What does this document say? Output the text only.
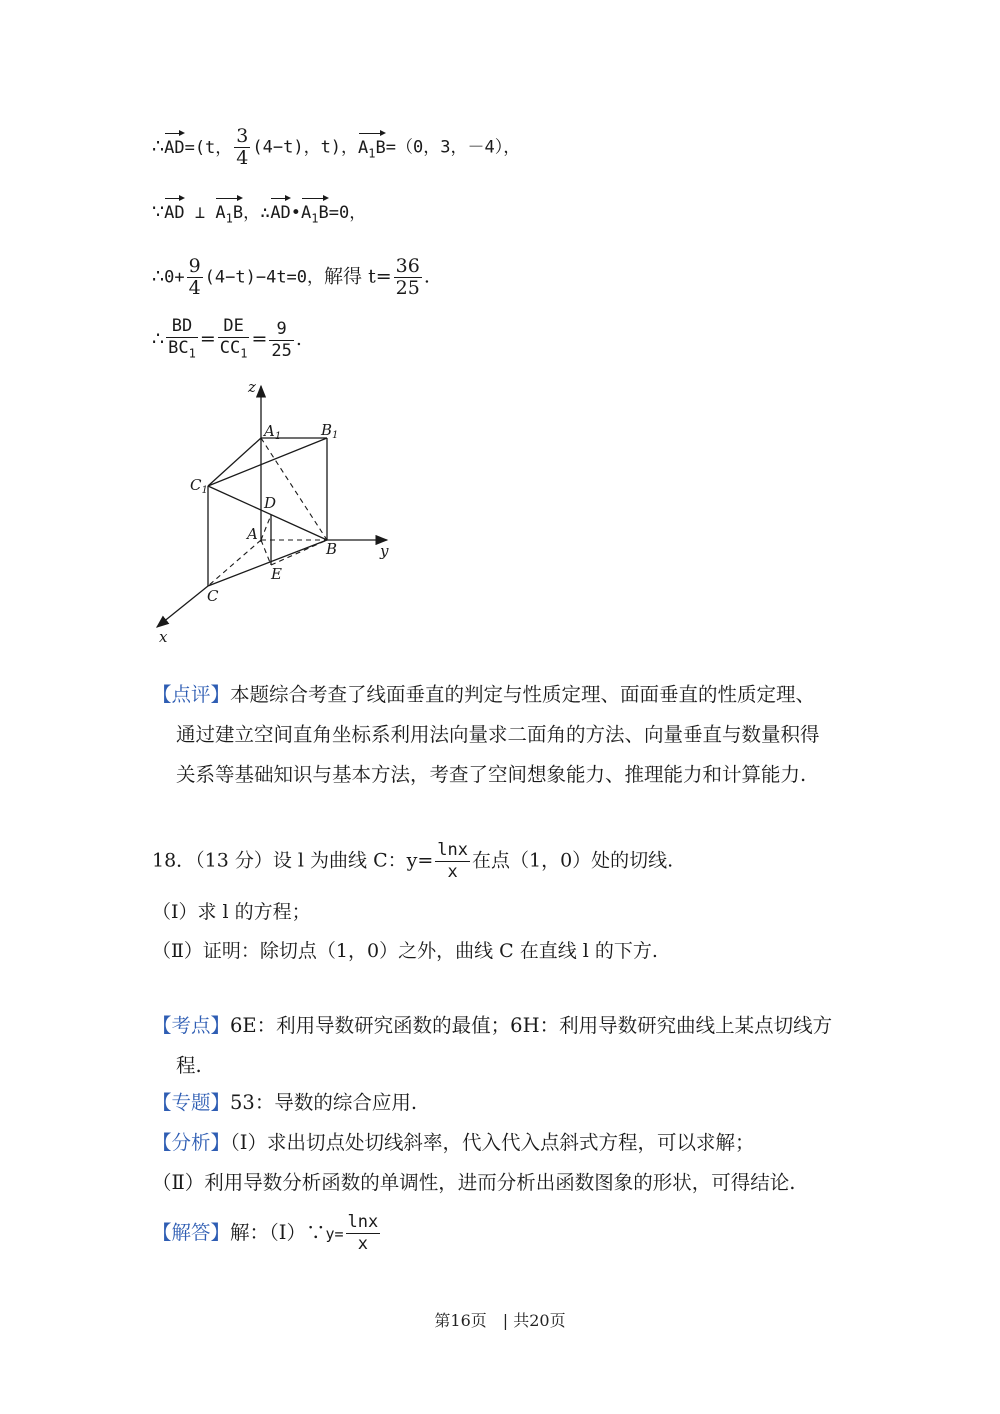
∴AD=(t， $\frac{3}{4} (4-t)$，t)，$A_1B=(0$，3，－4），
∵AD ⊥ $A_1B$，$\therefore AD•A_1B=0$，
∴0+ $\frac{9}{4} (4-t)-4t=0$，解得 $t= \frac{36}{25}$ .
∴ $\frac{BD}{BC_1} = \frac{DE}{CC_1} = \frac{9}{25}$ .
z
y
x
$A_1$	$B_1$
$C_1$
D
A
B
E
C
【点评】本题综合考查了线面垂直的判定与性质定理、面面垂直的性质定理、
通过建立空间直角坐标系利用法向量求二面角的方法、向量垂直与数量积得
关系等基础知识与基本方法，考查了空间想象能力、推理能力和计算能力.
18．（13 分）设 l 为曲线 C：$y= \frac{\ln x}{x}$ 在点（1，0）处的切线.
（Ⅰ）求 l 的方程；
（Ⅱ）证明：除切点（1，0）之外，曲线 C 在直线 l 的下方.
【考点】6E：利用导数研究函数的最值；6H：利用导数研究曲线上某点切线方
程.
【专题】53：导数的综合应用.
【分析】（Ⅰ）求出切点处切线斜率，代入代入点斜式方程，可以求解；
（Ⅱ）利用导数分析函数的单调性，进而分析出函数图象的形状，可得结论.
【解答】解：（Ⅰ）∵y= $\frac{\ln x}{x}$
第16页　| 共20页
